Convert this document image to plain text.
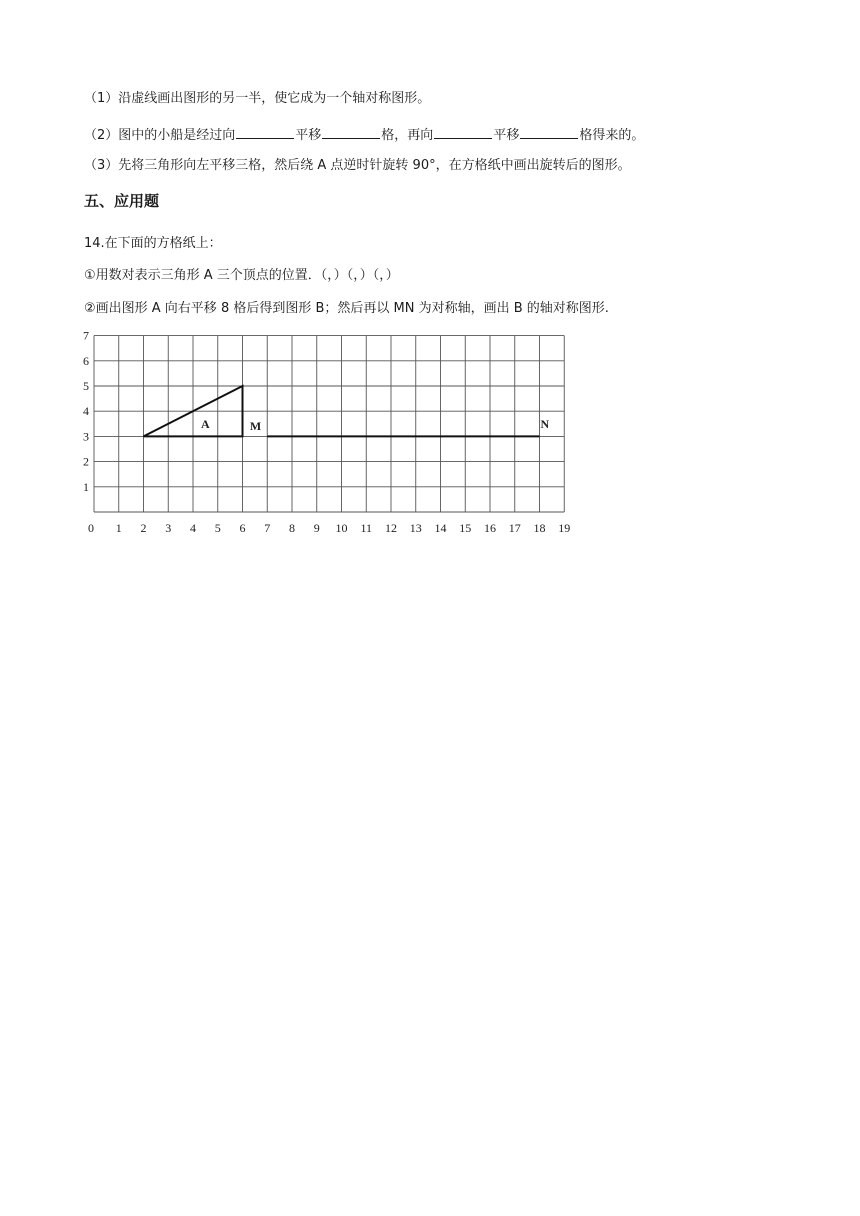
（1）沿虚线画出图形的另一半，使它成为一个轴对称图形。
（2）图中的小船是经过向	平移	格，再向	平移	格得来的。
（3）先将三角形向左平移三格，然后绕 A 点逆时针旋转 90°，在方格纸中画出旋转后的图形。
五、应用题
14.在下面的方格纸上：
①用数对表示三角形 A 三个顶点的位置．（，）（，）（，）
②画出图形 A 向右平移 8 格后得到图形 B；然后再以 MN 为对称轴，画出 B 的轴对称图形.
0 1 2 3 4 5 6 7 8 9 10 11 12 13 14 15 16 17 18 19
1
2
3
4
5
6
7
A	M	N
